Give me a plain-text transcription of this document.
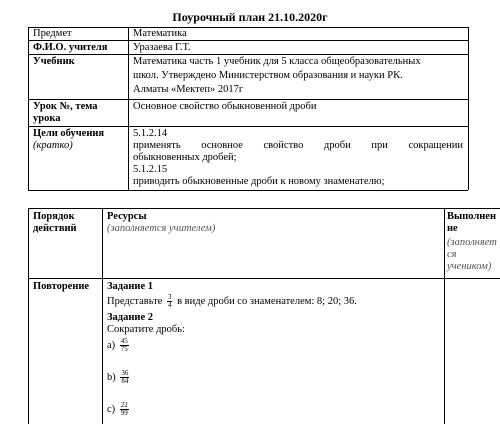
Поурочный план 21.10.2020г
Предмет	Математика
Ф.И.О. учителя Уразаева Г.Т.
Учебник	Математика часть 1 учебник для 5 класса общеобразовательных
школ. Утверждено Министерством образования и науки РК.
Алматы «Мектеп» 2017г
Урок №, тема
урока
Основное свойство обыкновенной дроби
Цели обучения
(кратко)
5.1.2.14
применять основное свойство дроби при сокращении
обыкновенных дробей;
5.1.2.15
приводить обыкновенные дроби к новому знаменателю;
Порядок
действий
Ресурсы
(заполняется учителем)
Выполнен
не
(заполняет
ся
учеником)
Повторение Задание 1
Представьте $\frac{3}{4}$ в виде дроби со знаменателем: 8; 20; 36.
Задание 2
Сократите дробь:
$а) \frac{45}{75}$
$b) \frac{36}{84}$
$c) \frac{22}{99}$
